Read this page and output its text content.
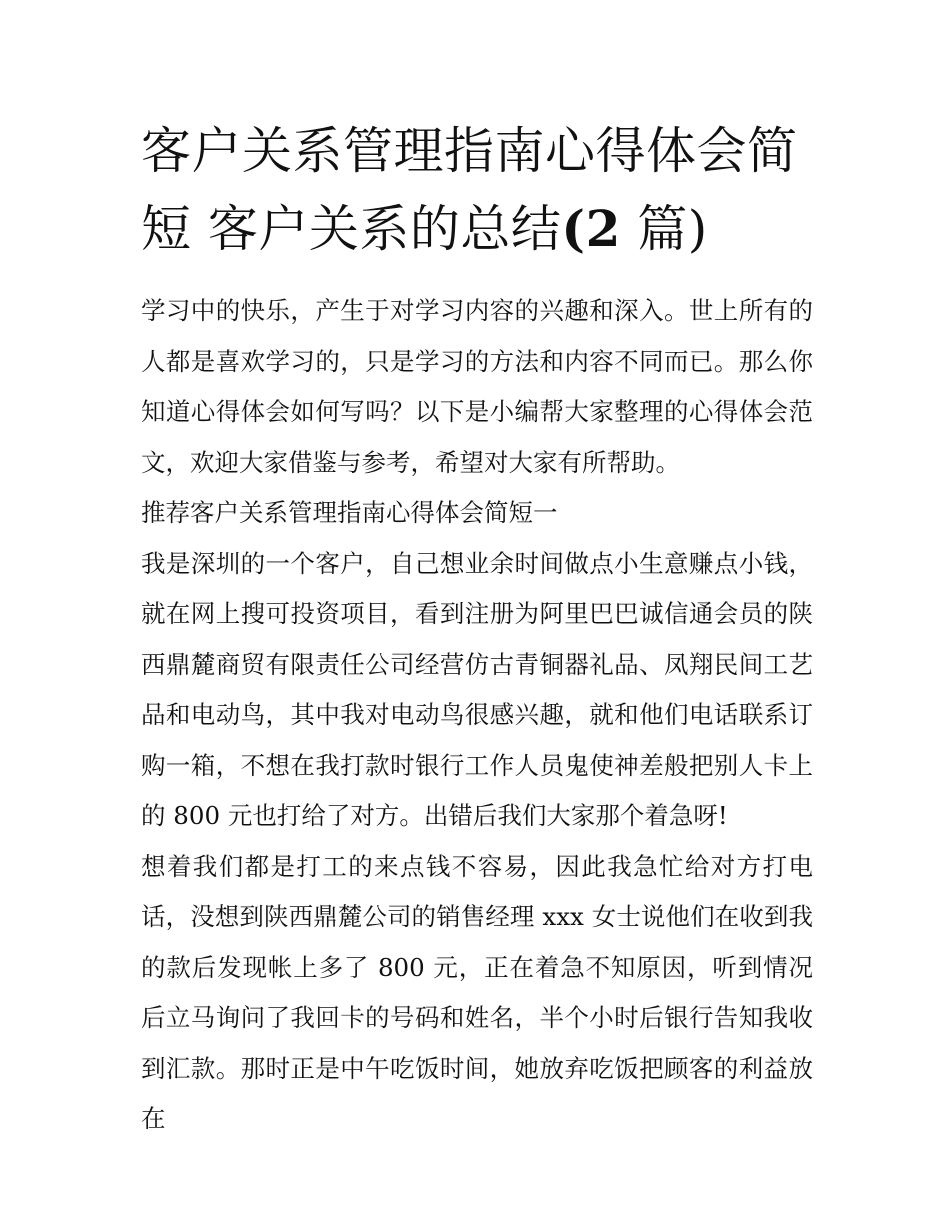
客户关系管理指南心得体会简
短 客户关系的总结(2 篇)

学习中的快乐，产生于对学习内容的兴趣和深入。世上所有的人都是喜欢学习的，只是学习的方法和内容不同而已。那么你知道心得体会如何写吗？以下是小编帮大家整理的心得体会范文，欢迎大家借鉴与参考，希望对大家有所帮助。

推荐客户关系管理指南心得体会简短一

我是深圳的一个客户，自己想业余时间做点小生意赚点小钱，就在网上搜可投资项目，看到注册为阿里巴巴诚信通会员的陕西鼎麓商贸有限责任公司经营仿古青铜器礼品、凤翔民间工艺品和电动鸟，其中我对电动鸟很感兴趣，就和他们电话联系订购一箱，不想在我打款时银行工作人员鬼使神差般把别人卡上的 800 元也打给了对方。出错后我们大家那个着急呀!

想着我们都是打工的来点钱不容易，因此我急忙给对方打电话，没想到陕西鼎麓公司的销售经理 xxx 女士说他们在收到我的款后发现帐上多了 800 元，正在着急不知原因，听到情况后立马询问了我回卡的号码和姓名，半个小时后银行告知我收到汇款。那时正是中午吃饭时间，她放弃吃饭把顾客的利益放在
